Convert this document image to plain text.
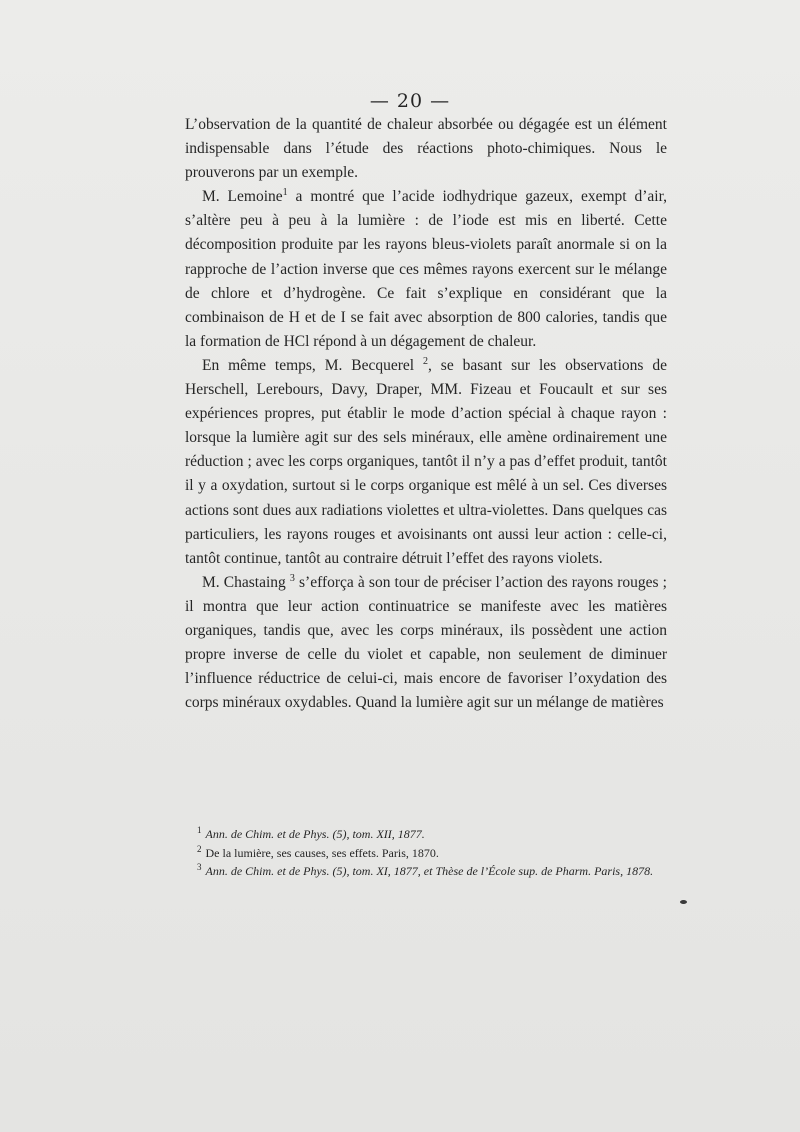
— 20 —

L’observation de la quantité de chaleur absorbée ou dégagée est un élément indispensable dans l’étude des réactions photo-chimiques. Nous le prouverons par un exemple.

M. Lemoine$^1$ a montré que l’acide iodhydrique gazeux, exempt d’air, s’altère peu à peu à la lumière : de l’iode est mis en liberté. Cette décomposition produite par les rayons bleus-violets paraît anormale si on la rapproche de l’action inverse que ces mêmes rayons exercent sur le mélange de chlore et d’hydrogène. Ce fait s’explique en considérant que la combinaison de H et de I se fait avec absorption de 800 calories, tandis que la formation de HCl répond à un dégagement de chaleur.

En même temps, M. Becquerel $^2$, se basant sur les observations de Herschell, Lerebours, Davy, Draper, MM. Fizeau et Foucault et sur ses expériences propres, put établir le mode d’action spécial à chaque rayon : lorsque la lumière agit sur des sels minéraux, elle amène ordinairement une réduction ; avec les corps organiques, tantôt il n’y a pas d’effet produit, tantôt il y a oxydation, surtout si le corps organique est mêlé à un sel. Ces diverses actions sont dues aux radiations violettes et ultra-violettes. Dans quelques cas particuliers, les rayons rouges et avoisinants ont aussi leur action : celle-ci, tantôt continue, tantôt au contraire détruit l’effet des rayons violets.

M. Chastaing $^3$ s’efforça à son tour de préciser l’action des rayons rouges ; il montra que leur action continuatrice se manifeste avec les matières organiques, tandis que, avec les corps minéraux, ils possèdent une action propre inverse de celle du violet et capable, non seulement de diminuer l’influence réductrice de celui-ci, mais encore de favoriser l’oxydation des corps minéraux oxydables. Quand la lumière agit sur un mélange de matières

$^1$ Ann. de Chim. et de Phys. (5), tom. XII, 1877.

$^2$ De la lumière, ses causes, ses effets. Paris, 1870.

$^3$ Ann. de Chim. et de Phys. (5), tom. XI, 1877, et Thèse de l’École sup. de Pharm. Paris, 1878.
